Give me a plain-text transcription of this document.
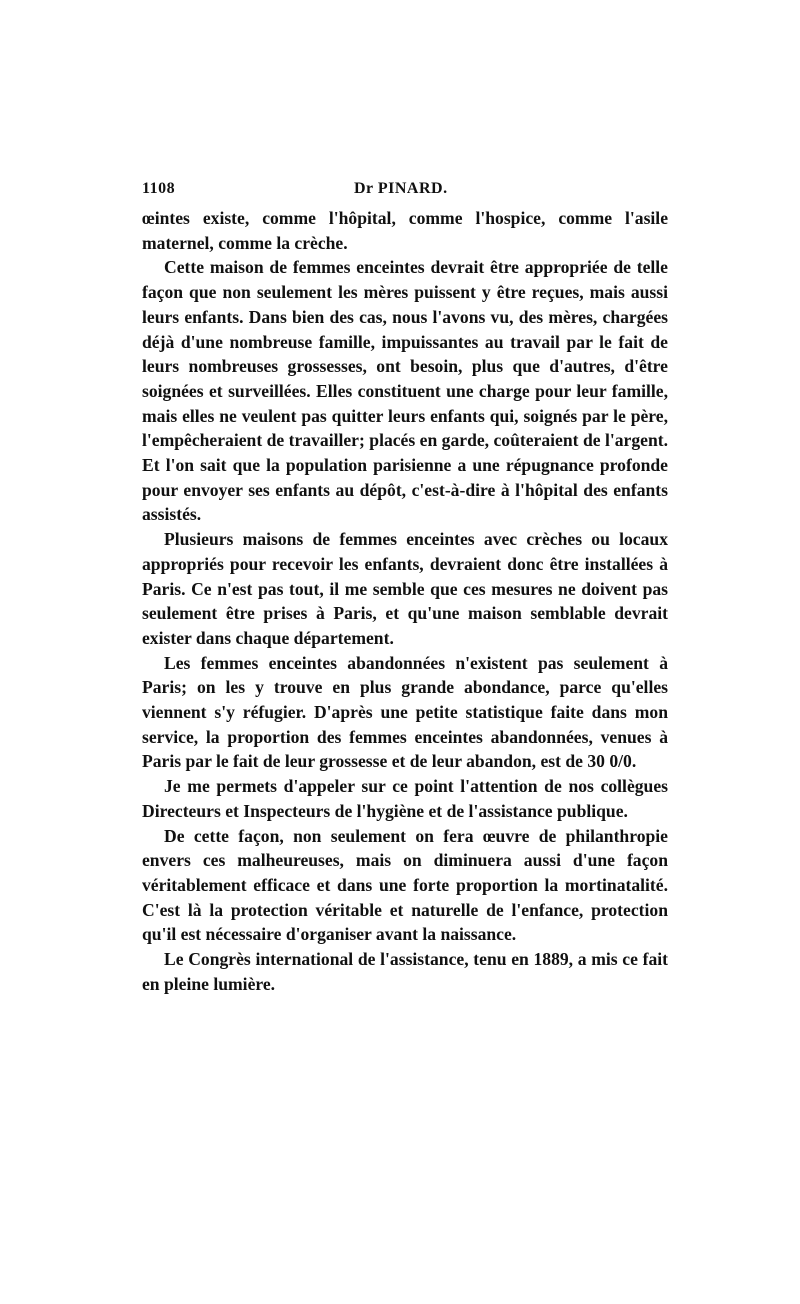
1108	Dr PINARD.

œintes existe, comme l'hôpital, comme l'hospice, comme l'asile maternel, comme la crèche.

Cette maison de femmes enceintes devrait être appropriée de telle façon que non seulement les mères puissent y être reçues, mais aussi leurs enfants. Dans bien des cas, nous l'avons vu, des mères, chargées déjà d'une nombreuse famille, impuissantes au travail par le fait de leurs nombreuses grossesses, ont besoin, plus que d'autres, d'être soignées et surveillées. Elles constituent une charge pour leur famille, mais elles ne veulent pas quitter leurs enfants qui, soignés par le père, l'empêcheraient de travailler; placés en garde, coûteraient de l'argent. Et l'on sait que la population parisienne a une répugnance profonde pour envoyer ses enfants au dépôt, c'est-à-dire à l'hôpital des enfants assistés.

Plusieurs maisons de femmes enceintes avec crèches ou locaux appropriés pour recevoir les enfants, devraient donc être installées à Paris. Ce n'est pas tout, il me semble que ces mesures ne doivent pas seulement être prises à Paris, et qu'une maison semblable devrait exister dans chaque département.

Les femmes enceintes abandonnées n'existent pas seulement à Paris; on les y trouve en plus grande abondance, parce qu'elles viennent s'y réfugier. D'après une petite statistique faite dans mon service, la proportion des femmes enceintes abandonnées, venues à Paris par le fait de leur grossesse et de leur abandon, est de 30 0/0.

Je me permets d'appeler sur ce point l'attention de nos collègues Directeurs et Inspecteurs de l'hygiène et de l'assistance publique.

De cette façon, non seulement on fera œuvre de philanthropie envers ces malheureuses, mais on diminuera aussi d'une façon véritablement efficace et dans une forte proportion la mortinatalité. C'est là la protection véritable et naturelle de l'enfance, protection qu'il est nécessaire d'organiser avant la naissance.

Le Congrès international de l'assistance, tenu en 1889, a mis ce fait en pleine lumière.
